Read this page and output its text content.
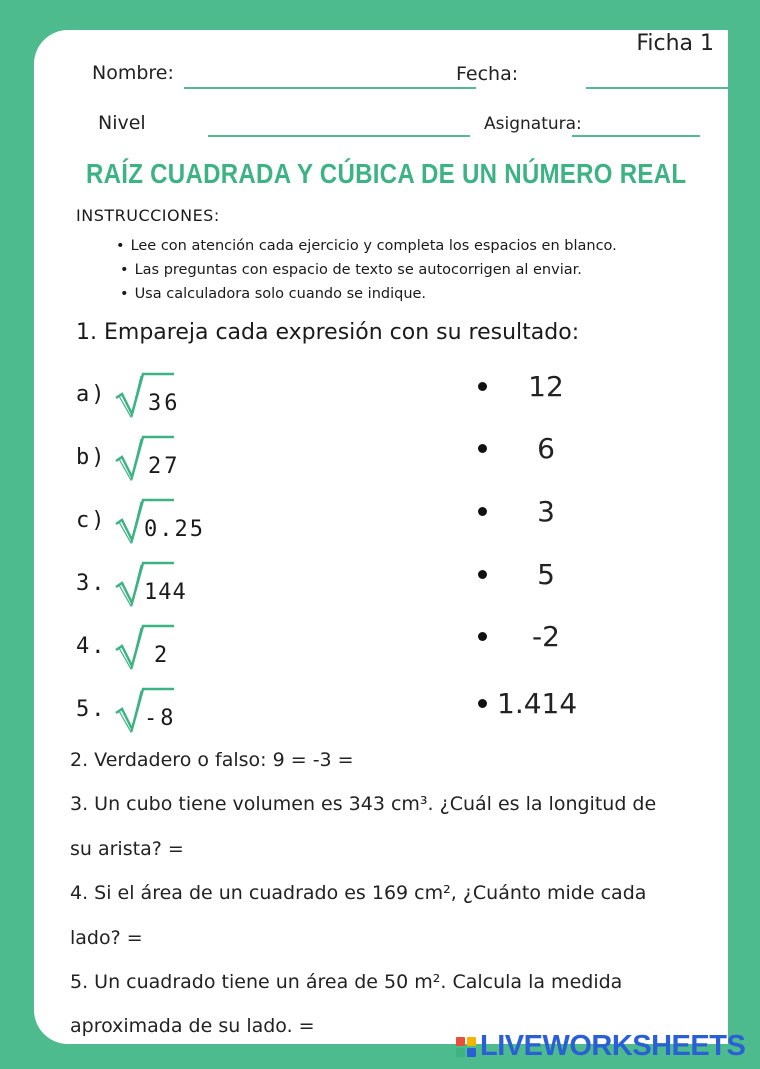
Ficha 1
Nombre:	Fecha:
Nivel	Asignatura:
RAÍZ CUADRADA Y CÚBICA DE UN NÚMERO REAL
INSTRUCCIONES:
• Lee con atención cada ejercicio y completa los espacios en blanco.
• Las preguntas con espacio de texto se autocorrigen al enviar.
• Usa calculadora solo cuando se indique.
1. Empareja cada expresión con su resultado:
a)	36
b)	27
c)	0.25
3.	144
4.	2
5.	-8
12
6
3
5
-2
1.414
2. Verdadero o falso: 9 = -3 =
3. Un cubo tiene volumen es 343 cm³. ¿Cuál es la longitud de
su arista? =
4. Si el área de un cuadrado es 169 cm², ¿Cuánto mide cada
lado? =
5. Un cuadrado tiene un área de 50 m². Calcula la medida
aproximada de su lado. =
LIVEWORKSHEETS
